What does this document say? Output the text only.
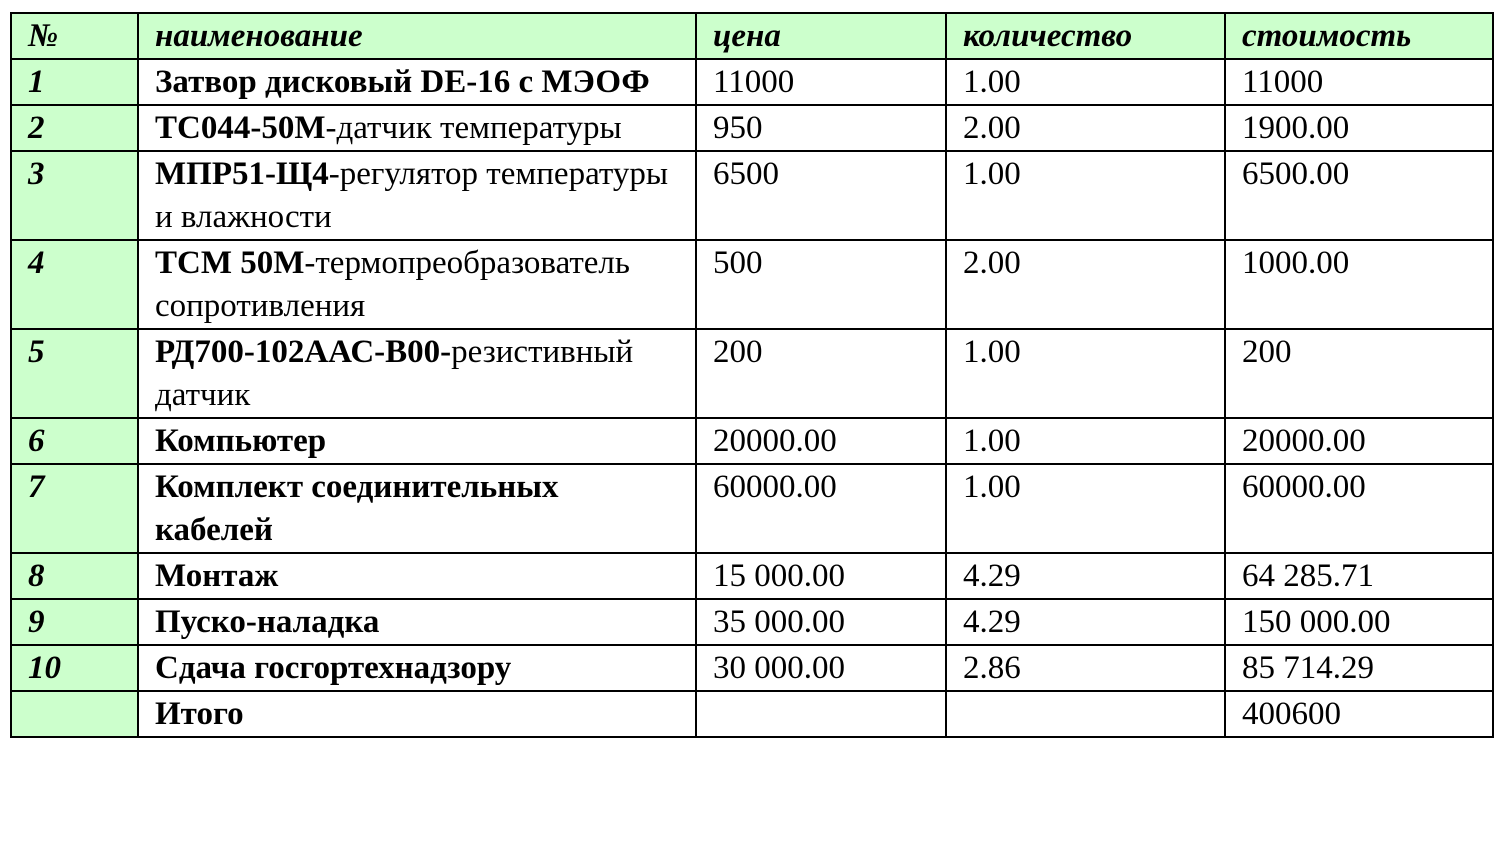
№	наименование	цена	количество	стоимость
1	Затвор дисковый DE-16 с МЭОФ	11000	1.00	11000
2	ТС044-50М-датчик температуры	950	2.00	1900.00
3	МПР51-Щ4-регулятор температуры и влажности	6500	1.00	6500.00
4	ТСМ 50М-термопреобразователь сопротивления	500	2.00	1000.00
5	РД700-102ААС-В00-резистивный датчик	200	1.00	200
6	Компьютер	20000.00	1.00	20000.00
7	Комплект соединительных кабелей	60000.00	1.00	60000.00
8	Монтаж	15 000.00	4.29	64 285.71
9	Пуско-наладка	35 000.00	4.29	150 000.00
10	Сдача госгортехнадзору	30 000.00	2.86	85 714.29
	Итого			400600
